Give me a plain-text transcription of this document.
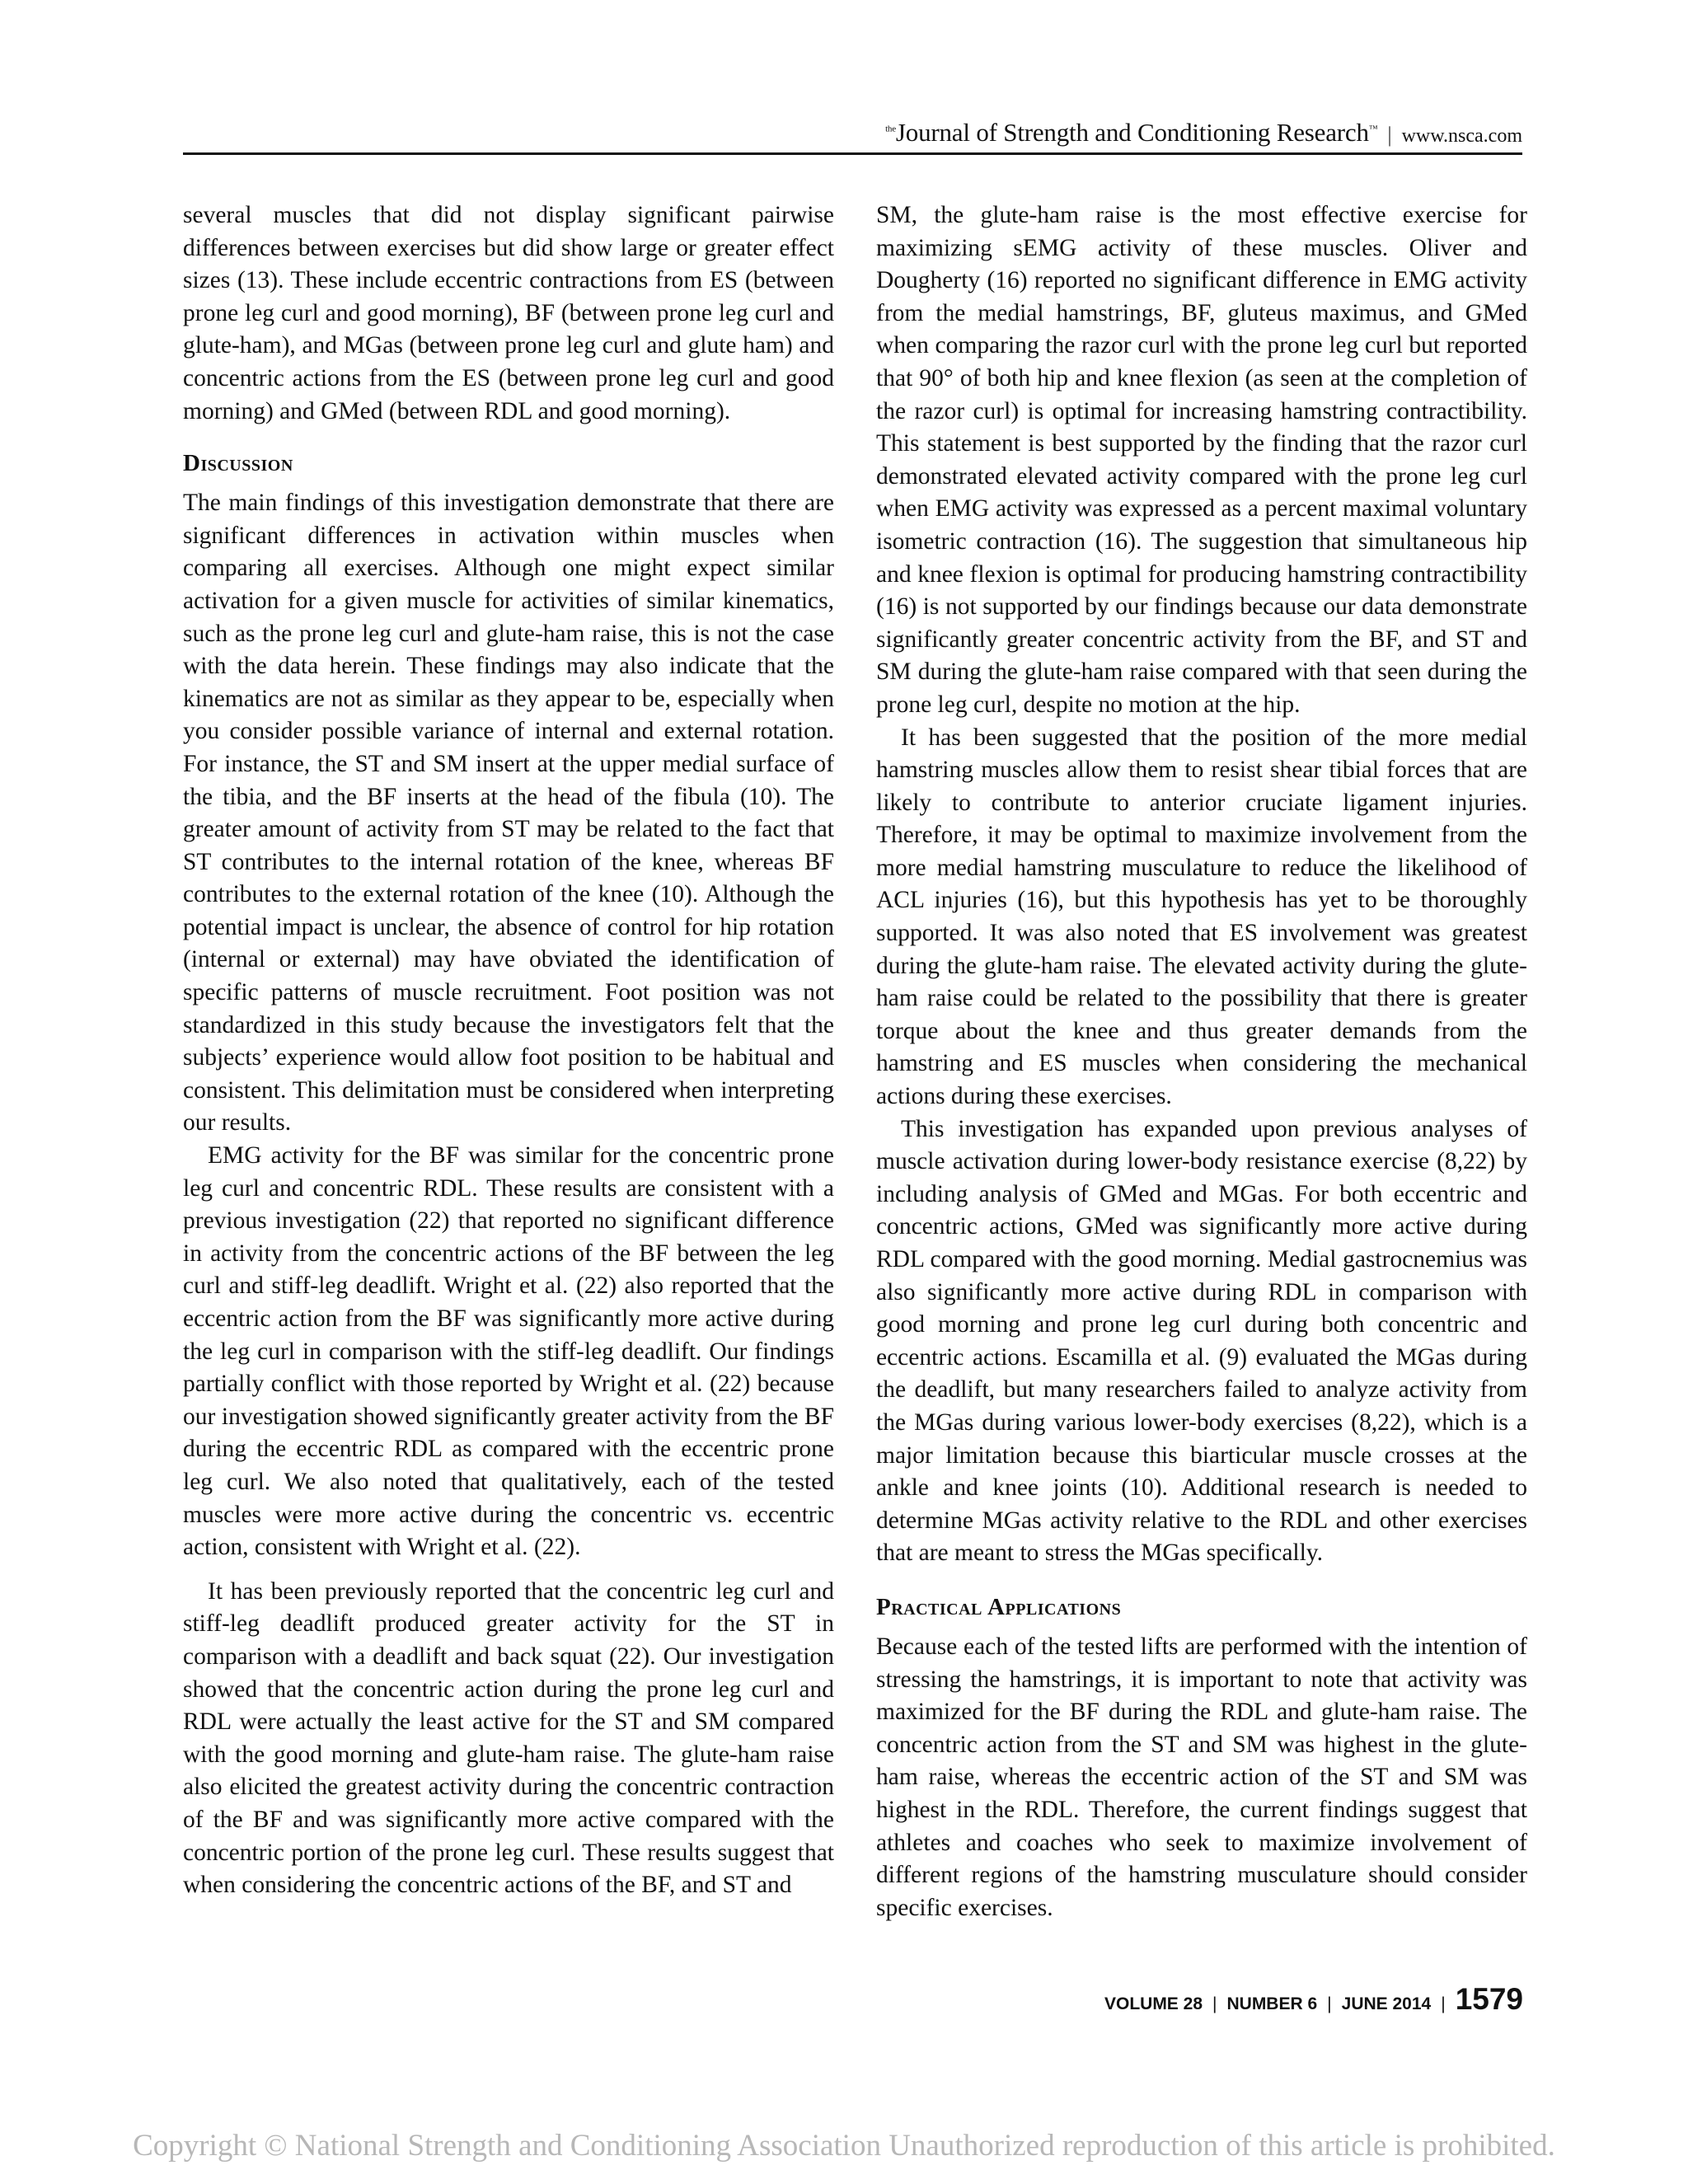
$^{the}$Journal of Strength and Conditioning Research™ | www.nsca.com

several muscles that did not display significant pairwise differences between exercises but did show large or greater effect sizes (13). These include eccentric contractions from ES (between prone leg curl and good morning), BF (between prone leg curl and glute-ham), and MGas (between prone leg curl and glute ham) and concentric actions from the ES (between prone leg curl and good morning) and GMed (between RDL and good morning).

Discussion

The main findings of this investigation demonstrate that there are significant differences in activation within muscles when comparing all exercises. Although one might expect similar activation for a given muscle for activities of similar kinematics, such as the prone leg curl and glute-ham raise, this is not the case with the data herein. These findings may also indicate that the kinematics are not as similar as they appear to be, especially when you consider possible variance of internal and external rotation. For instance, the ST and SM insert at the upper medial surface of the tibia, and the BF inserts at the head of the fibula (10). The greater amount of activity from ST may be related to the fact that ST contributes to the internal rotation of the knee, whereas BF contributes to the external rotation of the knee (10). Although the potential impact is unclear, the absence of control for hip rotation (internal or external) may have obviated the identification of specific patterns of muscle recruitment. Foot position was not standardized in this study because the investigators felt that the subjects’ experience would allow foot position to be habitual and consistent. This delimitation must be considered when interpreting our results.

EMG activity for the BF was similar for the concentric prone leg curl and concentric RDL. These results are consistent with a previous investigation (22) that reported no significant difference in activity from the concentric actions of the BF between the leg curl and stiff-leg deadlift. Wright et al. (22) also reported that the eccentric action from the BF was significantly more active during the leg curl in comparison with the stiff-leg deadlift. Our findings partially conflict with those reported by Wright et al. (22) because our investigation showed significantly greater activity from the BF during the eccentric RDL as compared with the eccentric prone leg curl. We also noted that qualitatively, each of the tested muscles were more active during the concentric vs. eccentric action, consistent with Wright et al. (22).

It has been previously reported that the concentric leg curl and stiff-leg deadlift produced greater activity for the ST in comparison with a deadlift and back squat (22). Our investigation showed that the concentric action during the prone leg curl and RDL were actually the least active for the ST and SM compared with the good morning and glute-ham raise. The glute-ham raise also elicited the greatest activity during the concentric contraction of the BF and was significantly more active compared with the concentric portion of the prone leg curl. These results suggest that when considering the concentric actions of the BF, and ST and

SM, the glute-ham raise is the most effective exercise for maximizing sEMG activity of these muscles. Oliver and Dougherty (16) reported no significant difference in EMG activity from the medial hamstrings, BF, gluteus maximus, and GMed when comparing the razor curl with the prone leg curl but reported that 90° of both hip and knee flexion (as seen at the completion of the razor curl) is optimal for increasing hamstring contractibility. This statement is best supported by the finding that the razor curl demonstrated elevated activity compared with the prone leg curl when EMG activity was expressed as a percent maximal voluntary isometric contraction (16). The suggestion that simultaneous hip and knee flexion is optimal for producing hamstring contractibility (16) is not supported by our findings because our data demonstrate significantly greater concentric activity from the BF, and ST and SM during the glute-ham raise compared with that seen during the prone leg curl, despite no motion at the hip.

It has been suggested that the position of the more medial hamstring muscles allow them to resist shear tibial forces that are likely to contribute to anterior cruciate ligament injuries. Therefore, it may be optimal to maximize involvement from the more medial hamstring musculature to reduce the likelihood of ACL injuries (16), but this hypothesis has yet to be thoroughly supported. It was also noted that ES involvement was greatest during the glute-ham raise. The elevated activity during the glute-ham raise could be related to the possibility that there is greater torque about the knee and thus greater demands from the hamstring and ES muscles when considering the mechanical actions during these exercises.

This investigation has expanded upon previous analyses of muscle activation during lower-body resistance exercise (8,22) by including analysis of GMed and MGas. For both eccentric and concentric actions, GMed was significantly more active during RDL compared with the good morning. Medial gastrocnemius was also significantly more active during RDL in comparison with good morning and prone leg curl during both concentric and eccentric actions. Escamilla et al. (9) evaluated the MGas during the deadlift, but many researchers failed to analyze activity from the MGas during various lower-body exercises (8,22), which is a major limitation because this biarticular muscle crosses at the ankle and knee joints (10). Additional research is needed to determine MGas activity relative to the RDL and other exercises that are meant to stress the MGas specifically.

Practical Applications

Because each of the tested lifts are performed with the intention of stressing the hamstrings, it is important to note that activity was maximized for the BF during the RDL and glute-ham raise. The concentric action from the ST and SM was highest in the glute-ham raise, whereas the eccentric action of the ST and SM was highest in the RDL. Therefore, the current findings suggest that athletes and coaches who seek to maximize involvement of different regions of the hamstring musculature should consider specific exercises.

VOLUME 28 | NUMBER 6 | JUNE 2014 | 1579
Copyright © National Strength and Conditioning Association Unauthorized reproduction of this article is prohibited.
